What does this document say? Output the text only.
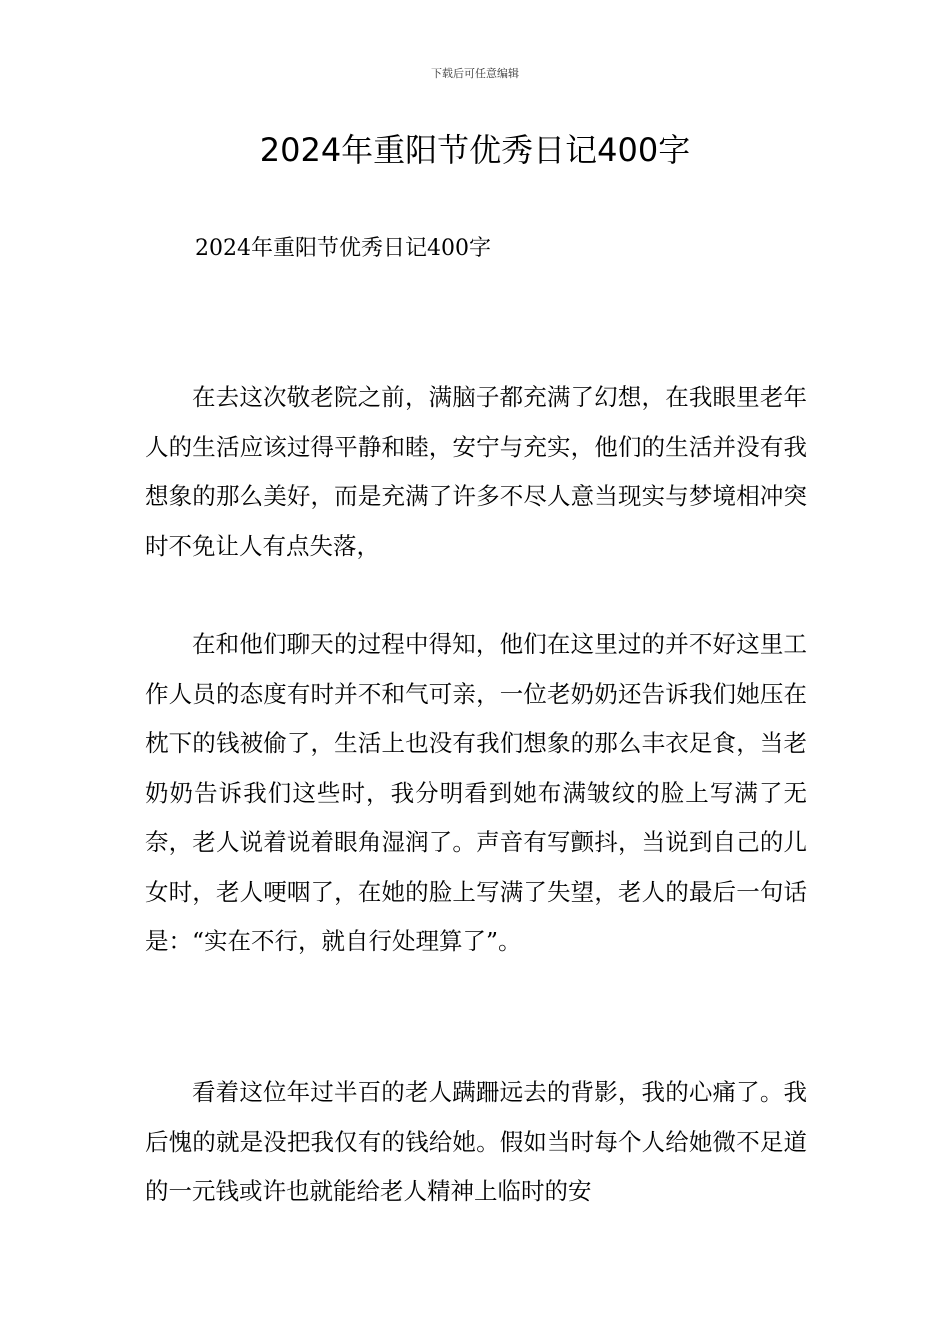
下载后可任意编辑
2024年重阳节优秀日记400字
2024年重阳节优秀日记400字

在去这次敬老院之前，满脑子都充满了幻想，在我眼里老年人的生活应该过得平静和睦，安宁与充实，他们的生活并没有我想象的那么美好，而是充满了许多不尽人意当现实与梦境相冲突时不免让人有点失落，

在和他们聊天的过程中得知，他们在这里过的并不好这里工作人员的态度有时并不和气可亲，一位老奶奶还告诉我们她压在枕下的钱被偷了，生活上也没有我们想象的那么丰衣足食，当老奶奶告诉我们这些时，我分明看到她布满皱纹的脸上写满了无奈，老人说着说着眼角湿润了。声音有写颤抖，当说到自己的儿女时，老人哽咽了，在她的脸上写满了失望，老人的最后一句话是：“实在不行，就自行处理算了”。

看着这位年过半百的老人蹒跚远去的背影，我的心痛了。我后愧的就是没把我仅有的钱给她。假如当时每个人给她微不足道的一元钱或许也就能给老人精神上临时的安
